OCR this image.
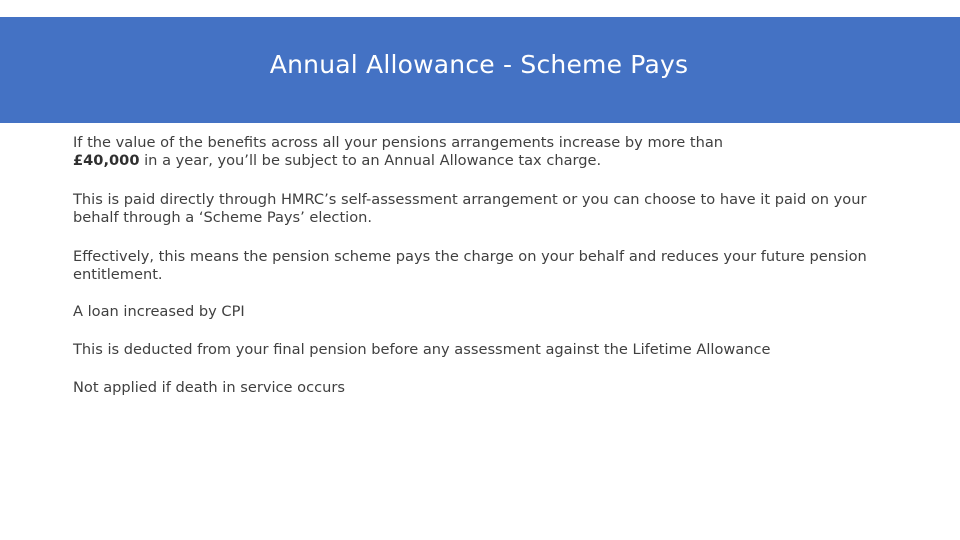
Annual Allowance - Scheme Pays

If the value of the benefits across all your pensions arrangements increase by more than
£40,000 in a year, you’ll be subject to an Annual Allowance tax charge.

This is paid directly through HMRC’s self-assessment arrangement or you can choose to have it paid on your behalf through a ‘Scheme Pays’ election.

Effectively, this means the pension scheme pays the charge on your behalf and reduces your future pension entitlement.

A loan increased by CPI

This is deducted from your final pension before any assessment against the Lifetime Allowance

Not applied if death in service occurs
